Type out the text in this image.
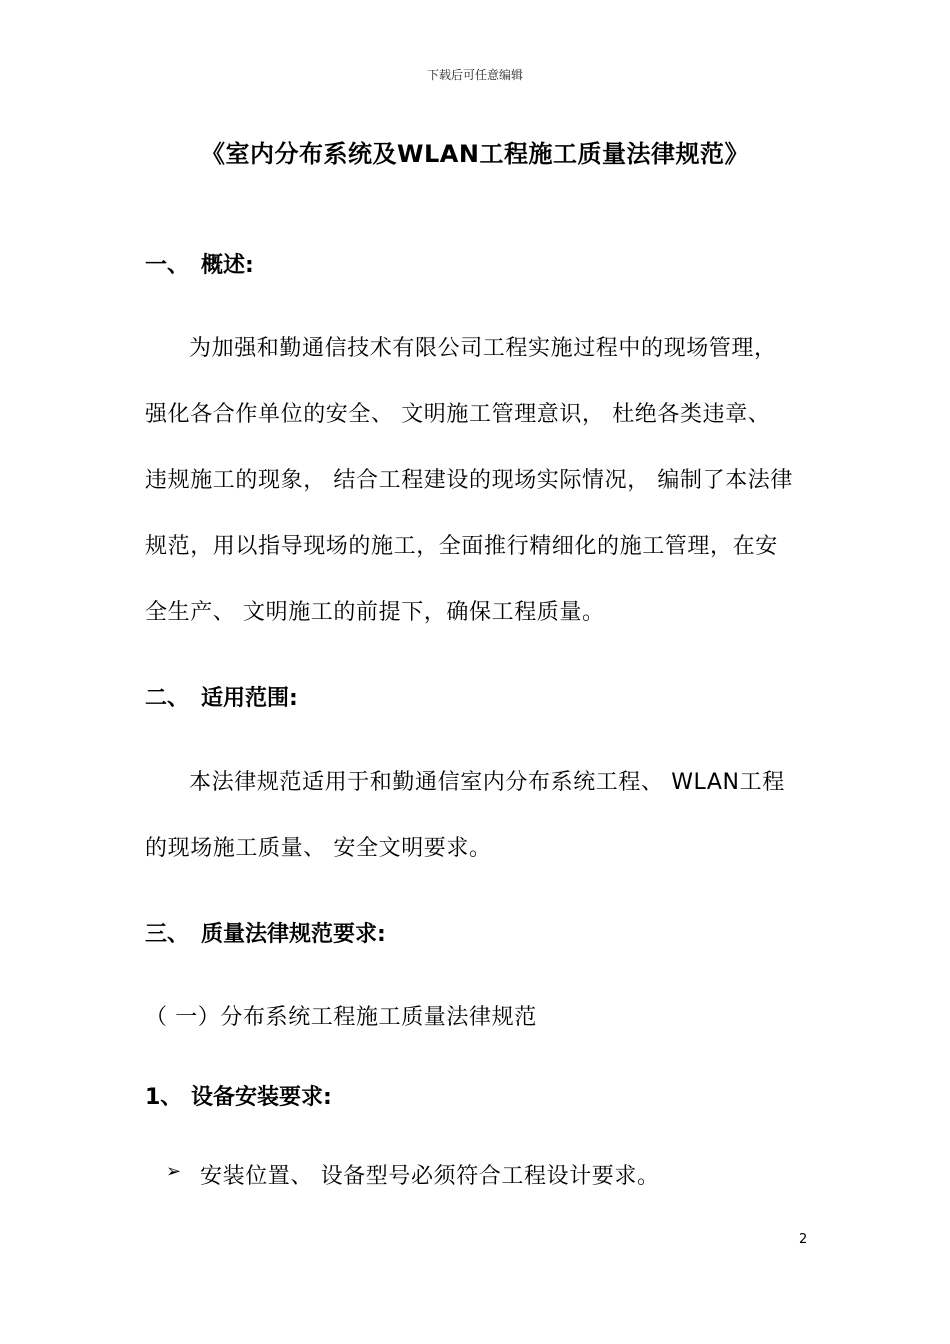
下载后可任意编辑
《室内分布系统及WLAN工程施工质量法律规范》
一、 概述:
为加强和勤通信技术有限公司工程实施过程中的现场管理，
强化各合作单位的安全、 文明施工管理意识， 杜绝各类违章、
违规施工的现象， 结合工程建设的现场实际情况， 编制了本法律
规范，用以指导现场的施工，全面推行精细化的施工管理，在安
全生产、 文明施工的前提下，确保工程质量。
二、 适用范围:
本法律规范适用于和勤通信室内分布系统工程、 WLAN工程
的现场施工质量、 安全文明要求。
三、 质量法律规范要求:
（ 一）分布系统工程施工质量法律规范
1、 设备安装要求:
➢ 安装位置、 设备型号必须符合工程设计要求。
2
